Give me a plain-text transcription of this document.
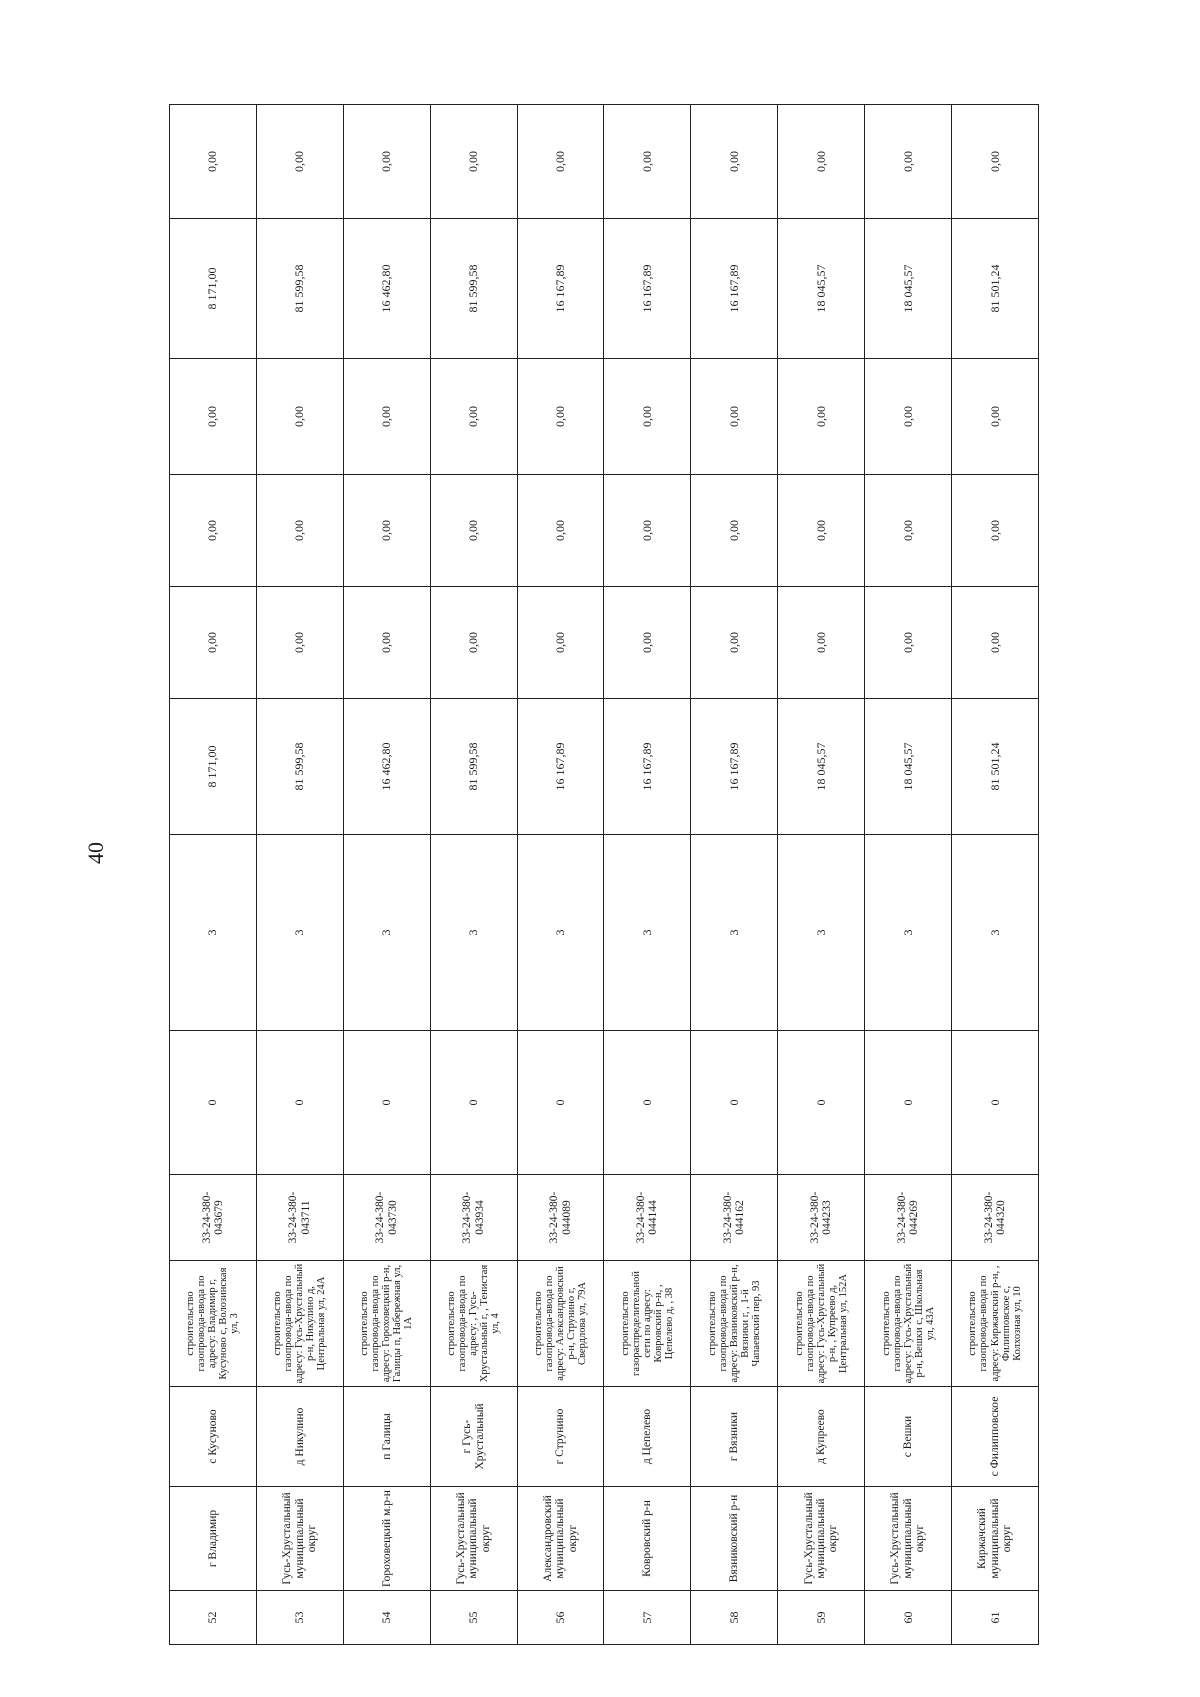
40
52	г Владимир	с Кусуново	строительство газопровода-ввода по адресу: Владимир г, Кусуново с, Волозинская ул, 3	33-24-380-043679	0	3	8 171,00	0,00	0,00	0,00	8 171,00	0,00
53	Гусь-Хрустальный муниципальный округ	д Никулино	строительство газопровода-ввода по адресу: Гусь-Хрустальный р-н, Никулино д, Центральная ул, 24А	33-24-380-043711	0	3	81 599,58	0,00	0,00	0,00	81 599,58	0,00
54	Гороховецкий м.р-н	п Галицы	строительство газопровода-ввода по адресу: Гороховецкий р-н, Галицы п, Набережная ул, 1А	33-24-380-043730	0	3	16 462,80	0,00	0,00	0,00	16 462,80	0,00
55	Гусь-Хрустальный муниципальный округ	г Гусь-Хрустальный	строительство газопровода-ввода по адресу: , Гусь-Хрустальный г, , Тенистая ул, 4	33-24-380-043934	0	3	81 599,58	0,00	0,00	0,00	81 599,58	0,00
56	Александровский муниципальный округ	г Струнино	строительство газопровода-ввода по адресу: Александровский р-н, Струнино г, Свердлова ул, 79А	33-24-380-044089	0	3	16 167,89	0,00	0,00	0,00	16 167,89	0,00
57	Ковровский р-н	д Цепелево	строительство газораспределительной сети по адресу: Ковровский р-н, , Цепелево д, , 38	33-24-380-044144	0	3	16 167,89	0,00	0,00	0,00	16 167,89	0,00
58	Вязниковский р-н	г Вязники	строительство газопровода-ввода по адресу: Вязниковский р-н, Вязники г, , 1-й Чапаевский пер, 93	33-24-380-044162	0	3	16 167,89	0,00	0,00	0,00	16 167,89	0,00
59	Гусь-Хрустальный муниципальный округ	д Купреево	строительство газопровода-ввода по адресу: Гусь-Хрустальный р-н, , Купреево д, Центральная ул, 152А	33-24-380-044233	0	3	18 045,57	0,00	0,00	0,00	18 045,57	0,00
60	Гусь-Хрустальный муниципальный округ	с Вешки	строительство газопровода-ввода по адресу: Гусь-Хрустальный р-н, Вешки с, Школьная ул, 43А	33-24-380-044269	0	3	18 045,57	0,00	0,00	0,00	18 045,57	0,00
61	Киржачский муниципальный округ	с Филипповское	строительство газопровода-ввода по адресу: Киржачский р-н, , Филипповское с, Колхозная ул, 10	33-24-380-044320	0	3	81 501,24	0,00	0,00	0,00	81 501,24	0,00
